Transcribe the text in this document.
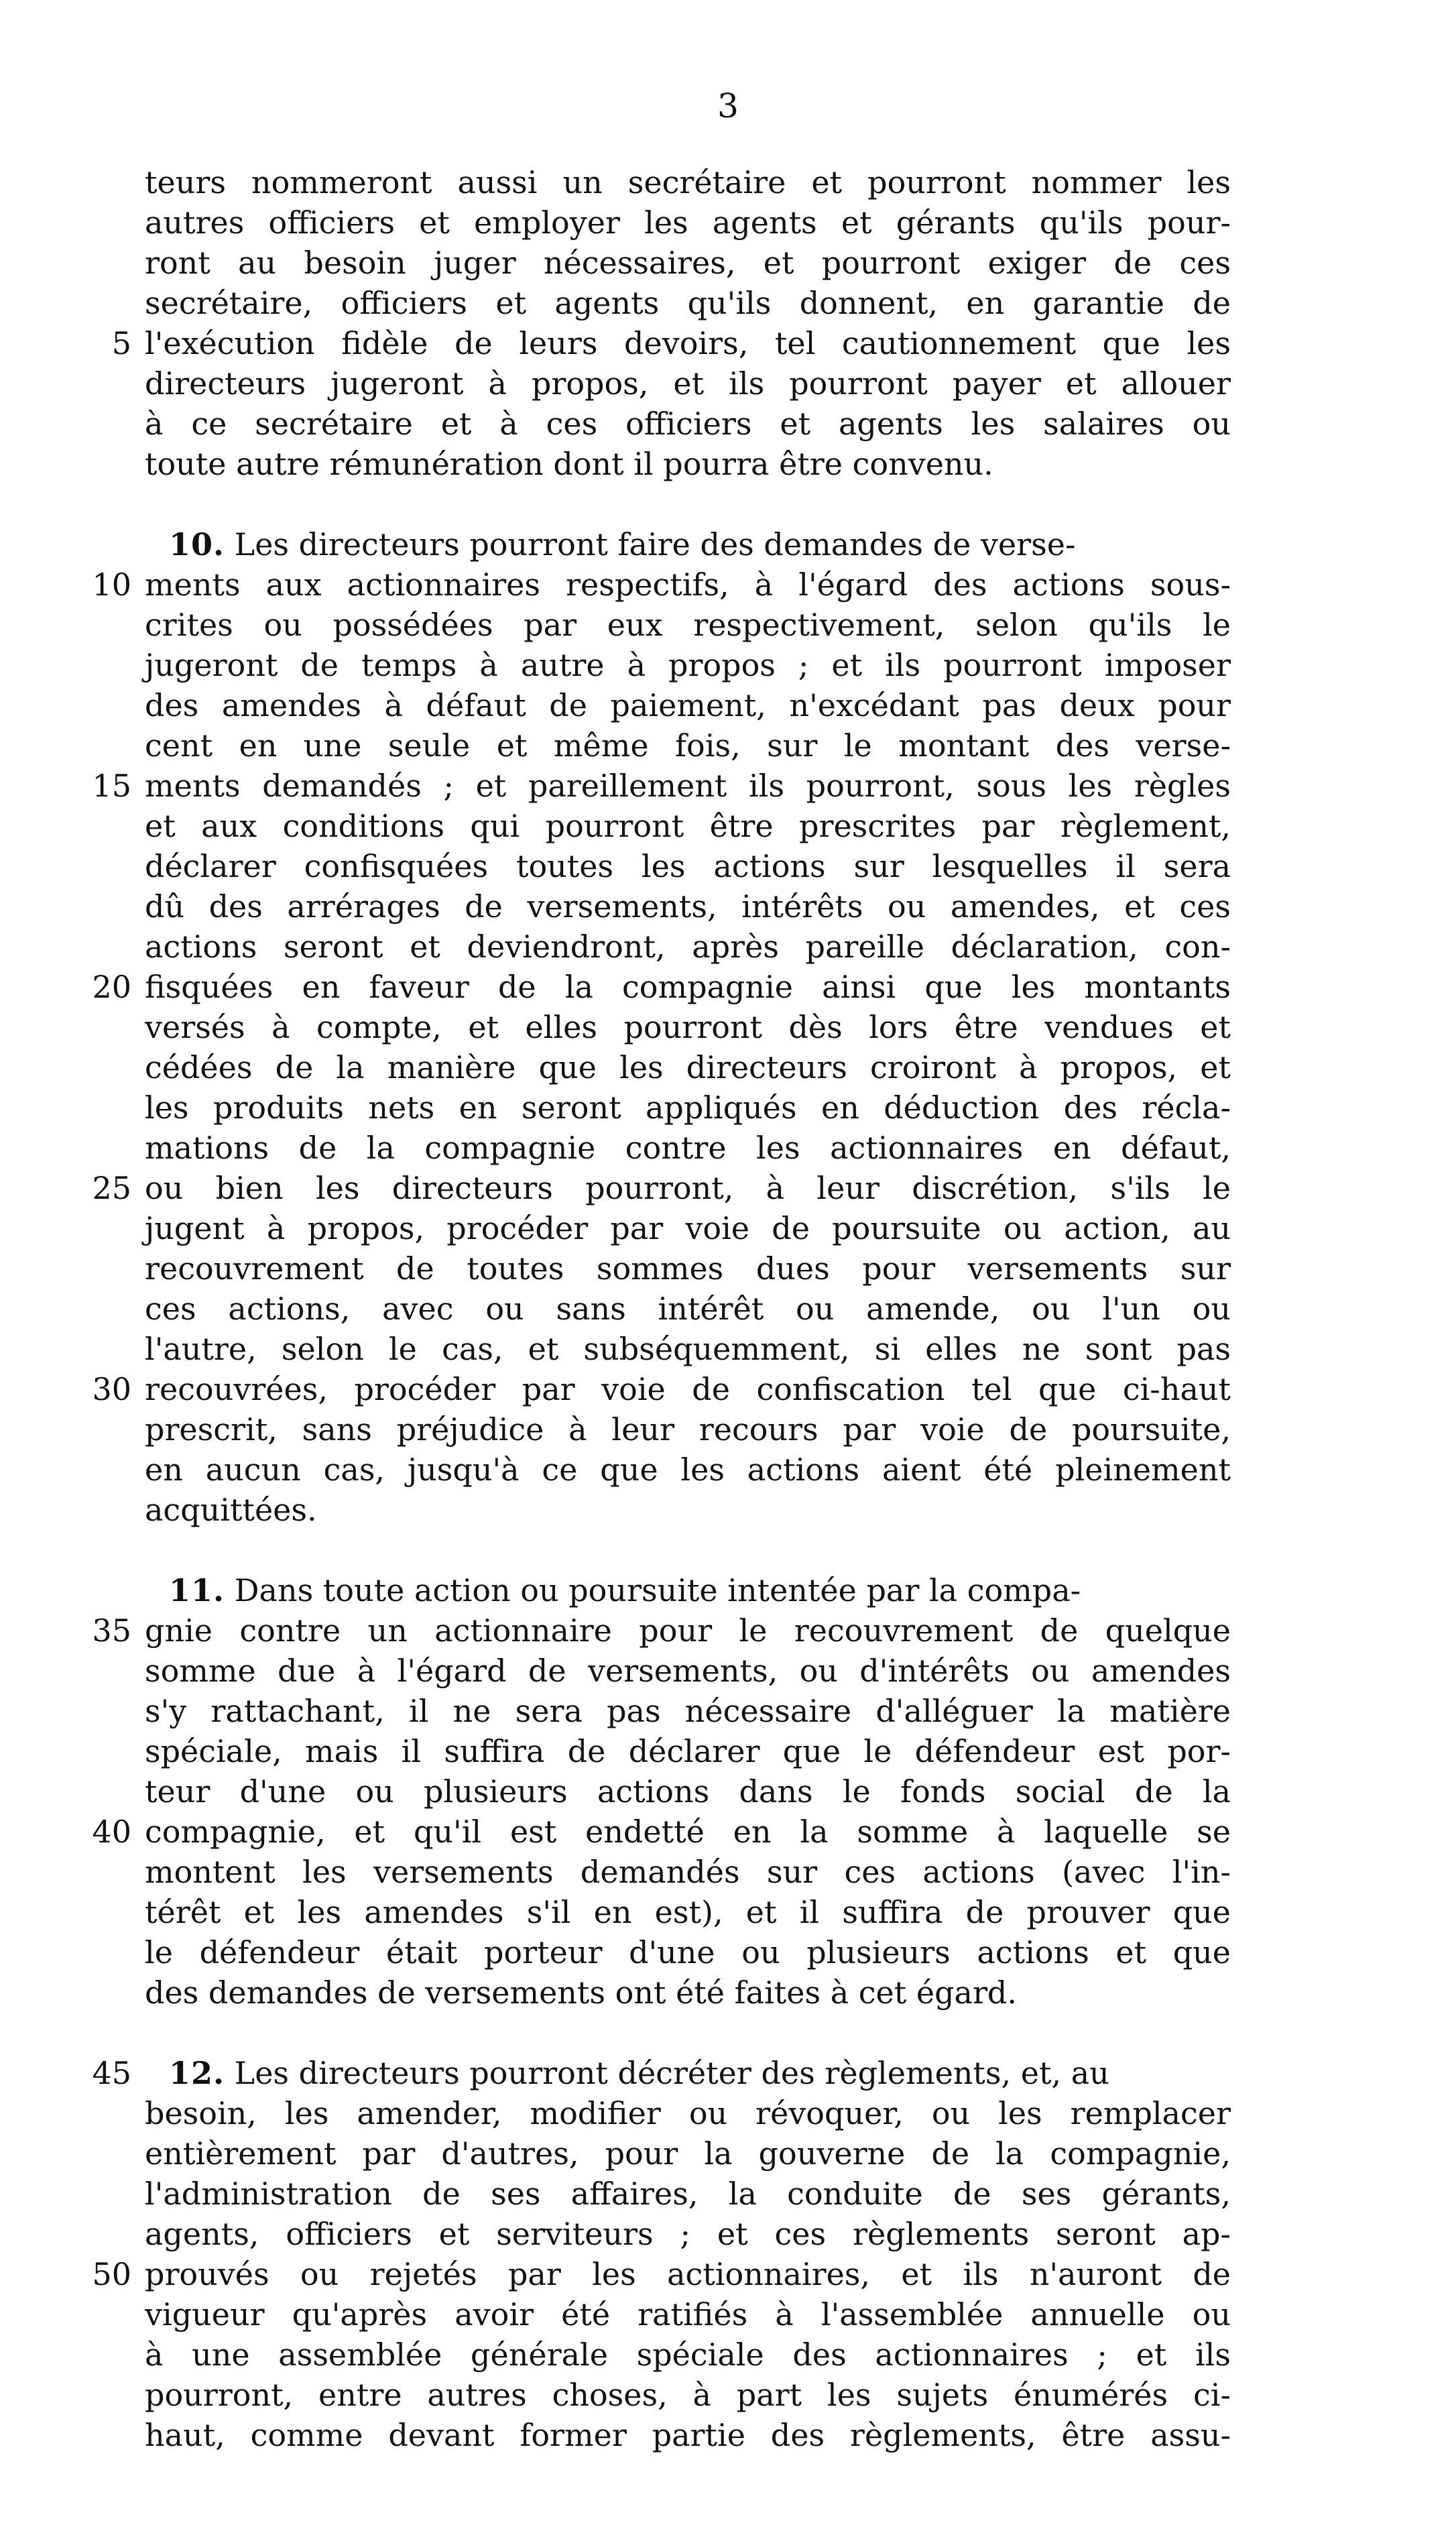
3
teurs nommeront aussi un secrétaire et pourront nommer les
autres officiers et employer les agents et gérants qu'ils pour-
ront au besoin juger nécessaires, et pourront exiger de ces
secrétaire, officiers et agents qu'ils donnent, en garantie de
5 l'exécution fidèle de leurs devoirs, tel cautionnement que les
directeurs jugeront à propos, et ils pourront payer et allouer
à ce secrétaire et à ces officiers et agents les salaires ou
toute autre rémunération dont il pourra être convenu.
10. Les directeurs pourront faire des demandes de verse-
10 ments aux actionnaires respectifs, à l'égard des actions sous-
crites ou possédées par eux respectivement, selon qu'ils le
jugeront de temps à autre à propos ; et ils pourront imposer
des amendes à défaut de paiement, n'excédant pas deux pour
cent en une seule et même fois, sur le montant des verse-
15 ments demandés ; et pareillement ils pourront, sous les règles
et aux conditions qui pourront être prescrites par règlement,
déclarer confisquées toutes les actions sur lesquelles il sera
dû des arrérages de versements, intérêts ou amendes, et ces
actions seront et deviendront, après pareille déclaration, con-
20 fisquées en faveur de la compagnie ainsi que les montants
versés à compte, et elles pourront dès lors être vendues et
cédées de la manière que les directeurs croiront à propos, et
les produits nets en seront appliqués en déduction des récla-
mations de la compagnie contre les actionnaires en défaut,
25 ou bien les directeurs pourront, à leur discrétion, s'ils le
jugent à propos, procéder par voie de poursuite ou action, au
recouvrement de toutes sommes dues pour versements sur
ces actions, avec ou sans intérêt ou amende, ou l'un ou
l'autre, selon le cas, et subséquemment, si elles ne sont pas
30 recouvrées, procéder par voie de confiscation tel que ci-haut
prescrit, sans préjudice à leur recours par voie de poursuite,
en aucun cas, jusqu'à ce que les actions aient été pleinement
acquittées.
11. Dans toute action ou poursuite intentée par la compa-
35 gnie contre un actionnaire pour le recouvrement de quelque
somme due à l'égard de versements, ou d'intérêts ou amendes
s'y rattachant, il ne sera pas nécessaire d'alléguer la matière
spéciale, mais il suffira de déclarer que le défendeur est por-
teur d'une ou plusieurs actions dans le fonds social de la
40 compagnie, et qu'il est endetté en la somme à laquelle se
montent les versements demandés sur ces actions (avec l'in-
térêt et les amendes s'il en est), et il suffira de prouver que
le défendeur était porteur d'une ou plusieurs actions et que
des demandes de versements ont été faites à cet égard.
45 12. Les directeurs pourront décréter des règlements, et, au
besoin, les amender, modifier ou révoquer, ou les remplacer
entièrement par d'autres, pour la gouverne de la compagnie,
l'administration de ses affaires, la conduite de ses gérants,
agents, officiers et serviteurs ; et ces règlements seront ap-
50 prouvés ou rejetés par les actionnaires, et ils n'auront de
vigueur qu'après avoir été ratifiés à l'assemblée annuelle ou
à une assemblée générale spéciale des actionnaires ; et ils
pourront, entre autres choses, à part les sujets énumérés ci-
haut, comme devant former partie des règlements, être assu-
